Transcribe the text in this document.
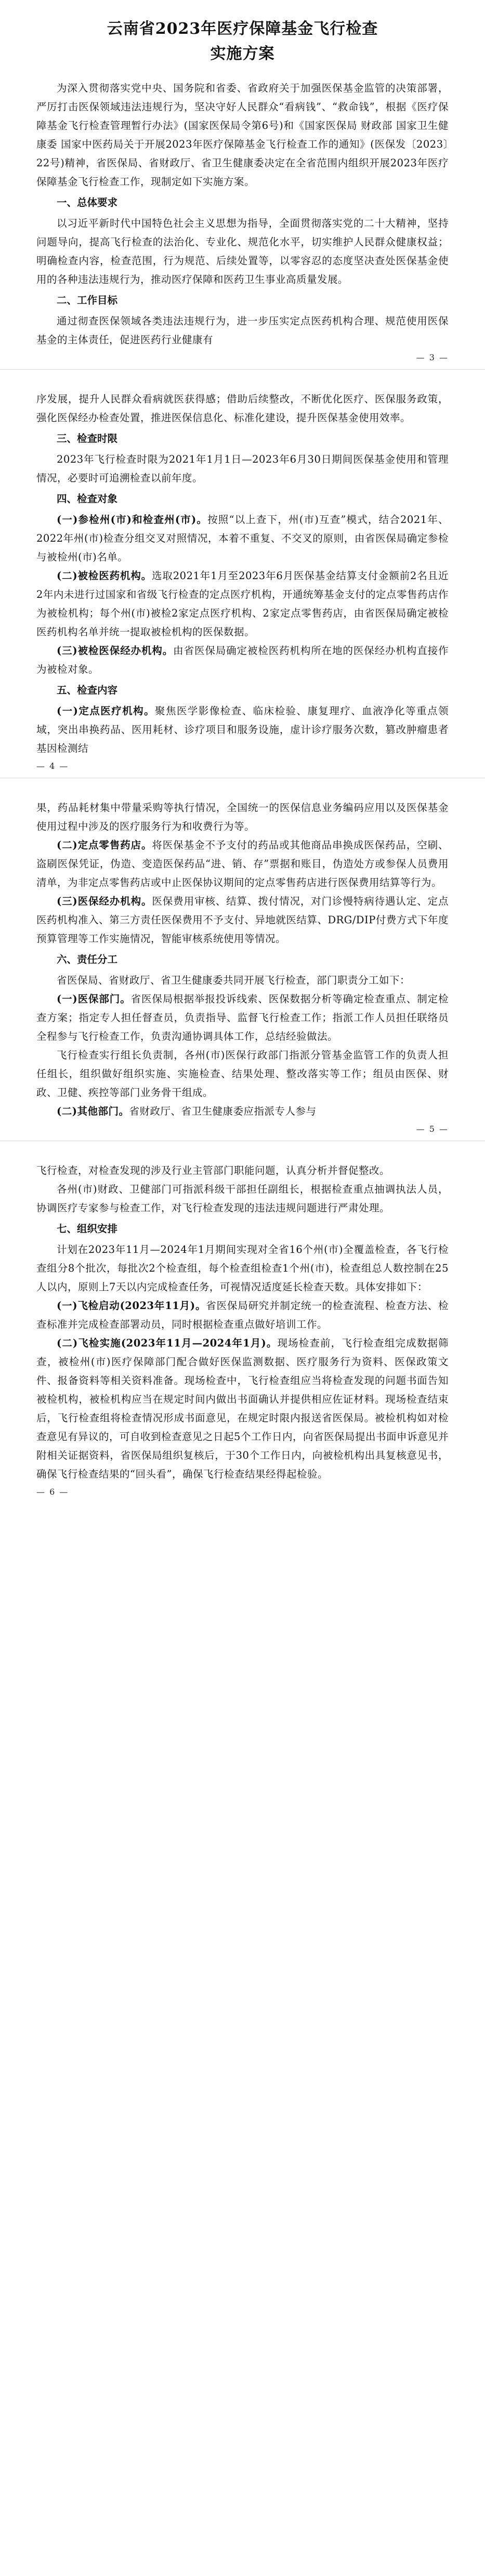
云南省2023年医疗保障基金飞行检查
实施方案

为深入贯彻落实党中央、国务院和省委、省政府关于加强医保基金监管的决策部署，严厉打击医保领域违法违规行为，坚决守好人民群众“看病钱”、“救命钱”，根据《医疗保障基金飞行检查管理暂行办法》(国家医保局令第6号)和《国家医保局 财政部 国家卫生健康委 国家中医药局关于开展2023年医疗保障基金飞行检查工作的通知》(医保发〔2023〕22号)精神，省医保局、省财政厅、省卫生健康委决定在全省范围内组织开展2023年医疗保障基金飞行检查工作，现制定如下实施方案。

一、总体要求

以习近平新时代中国特色社会主义思想为指导，全面贯彻落实党的二十大精神，坚持问题导向，提高飞行检查的法治化、专业化、规范化水平，切实维护人民群众健康权益；明确检查内容，检查范围，行为规范、后续处置等，以零容忍的态度坚决查处医保基金使用的各种违法违规行为，推动医疗保障和医药卫生事业高质量发展。

二、工作目标

通过彻查医保领域各类违法违规行为，进一步压实定点医药机构合理、规范使用医保基金的主体责任，促进医药行业健康有

— 3 —

序发展，提升人民群众看病就医获得感；借助后续整改，不断优化医疗、医保服务政策，强化医保经办检查处置，推进医保信息化、标准化建设，提升医保基金使用效率。

三、检查时限

2023年飞行检查时限为2021年1月1日—2023年6月30日期间医保基金使用和管理情况，必要时可追溯检查以前年度。

四、检查对象

(一)参检州(市)和检查州(市)。按照“以上查下，州(市)互查”模式，结合2021年、2022年州(市)检查分组交叉对照情况，本着不重复、不交叉的原则，由省医保局确定参检与被检州(市)名单。

(二)被检医药机构。选取2021年1月至2023年6月医保基金结算支付金额前2名且近2年内未进行过国家和省级飞行检查的定点医疗机构，开通统筹基金支付的定点零售药店作为被检机构；每个州(市)被检2家定点医疗机构、2家定点零售药店，由省医保局确定被检医药机构名单并统一提取被检机构的医保数据。

(三)被检医保经办机构。由省医保局确定被检医药机构所在地的医保经办机构直接作为被检对象。

五、检查内容

(一)定点医疗机构。聚焦医学影像检查、临床检验、康复理疗、血液净化等重点领域，突出串换药品、医用耗材、诊疗项目和服务设施，虚计诊疗服务次数，篡改肿瘤患者基因检测结

— 4 —

果，药品耗材集中带量采购等执行情况，全国统一的医保信息业务编码应用以及医保基金使用过程中涉及的医疗服务行为和收费行为等。

(二)定点零售药店。将医保基金不予支付的药品或其他商品串换成医保药品，空刷、盗刷医保凭证，伪造、变造医保药品“进、销、存”票据和账目，伪造处方或参保人员费用清单，为非定点零售药店或中止医保协议期间的定点零售药店进行医保费用结算等行为。

(三)医保经办机构。医保费用审核、结算、拨付情况，对门诊慢特病待遇认定、定点医药机构准入、第三方责任医保费用不予支付、异地就医结算、DRG/DIP付费方式下年度预算管理等工作实施情况，智能审核系统使用等情况。

六、责任分工

省医保局、省财政厅、省卫生健康委共同开展飞行检查，部门职责分工如下：

(一)医保部门。省医保局根据举报投诉线索、医保数据分析等确定检查重点、制定检查方案；指定专人担任督查员，负责指导、监督飞行检查工作；指派工作人员担任联络员全程参与飞行检查工作，负责沟通协调具体工作，总结经验做法。

飞行检查实行组长负责制，各州(市)医保行政部门指派分管基金监管工作的负责人担任组长，组织做好组织实施、实施检查、结果处理、整改落实等工作；组员由医保、财政、卫健、疾控等部门业务骨干组成。

(二)其他部门。省财政厅、省卫生健康委应指派专人参与

— 5 —

飞行检查，对检查发现的涉及行业主管部门职能问题，认真分析并督促整改。

各州(市)财政、卫健部门可指派科级干部担任副组长，根据检查重点抽调执法人员，协调医疗专家参与检查工作，对飞行检查发现的违法违规问题进行严肃处理。

七、组织安排

计划在2023年11月—2024年1月期间实现对全省16个州(市)全覆盖检查，各飞行检查组分8个批次，每批次2个检查组，每个检查组检查1个州(市)，检查组总人数控制在25人以内，原则上7天以内完成检查任务，可视情况适度延长检查天数。具体安排如下：

(一)飞检启动(2023年11月)。省医保局研究并制定统一的检查流程、检查方法、检查标准并完成检查部署动员，同时根据检查重点做好培训工作。

(二)飞检实施(2023年11月—2024年1月)。现场检查前，飞行检查组完成数据筛查，被检州(市)医疗保障部门配合做好医保监测数据、医疗服务行为资料、医保政策文件、报备资料等相关资料准备。现场检查中，飞行检查组应当将检查发现的问题书面告知被检机构，被检机构应当在规定时间内做出书面确认并提供相应佐证材料。现场检查结束后，飞行检查组将检查情况形成书面意见，在规定时限内报送省医保局。被检机构如对检查意见有异议的，可自收到检查意见之日起5个工作日内，向省医保局提出书面申诉意见并附相关证据资料，省医保局组织复核后，于30个工作日内，向被检机构出具复核意见书，确保飞行检查结果的“回头看”，确保飞行检查结果经得起检验。

— 6 —
